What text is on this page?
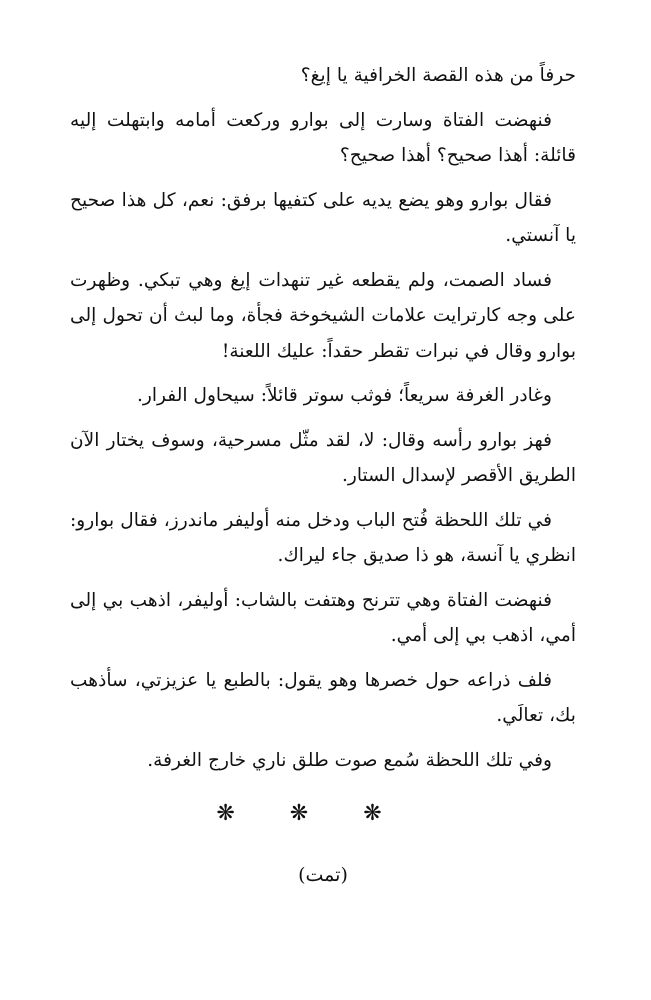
حرفاً من هذه القصة الخرافية يا إيغ؟

فنهضت الفتاة وسارت إلى بوارو وركعت أمامه وابتهلت إليه قائلة: أهذا صحيح؟ أهذا صحيح؟

فقال بوارو وهو يضع يديه على كتفيها برفق: نعم، كل هذا صحيح يا آنستي.

فساد الصمت، ولم يقطعه غير تنهدات إيغ وهي تبكي. وظهرت على وجه كارترايت علامات الشيخوخة فجأة، وما لبث أن تحول إلى بوارو وقال في نبرات تقطر حقداً: عليك اللعنة!

وغادر الغرفة سريعاً؛ فوثب سوتر قائلاً: سيحاول الفرار.

فهز بوارو رأسه وقال: لا، لقد مثّل مسرحية، وسوف يختار الآن الطريق الأقصر لإسدال الستار.

في تلك اللحظة فُتح الباب ودخل منه أوليفر ماندرز، فقال بوارو: انظري يا آنسة، هو ذا صديق جاء ليراك.

فنهضت الفتاة وهي تترنح وهتفت بالشاب: أوليفر، اذهب بي إلى أمي، اذهب بي إلى أمي.

فلف ذراعه حول خصرها وهو يقول: بالطبع يا عزيزتي، سأذهب بك، تعالَي.

وفي تلك اللحظة سُمع صوت طلق ناري خارج الغرفة.

❋ ❋ ❋
(تمت)
